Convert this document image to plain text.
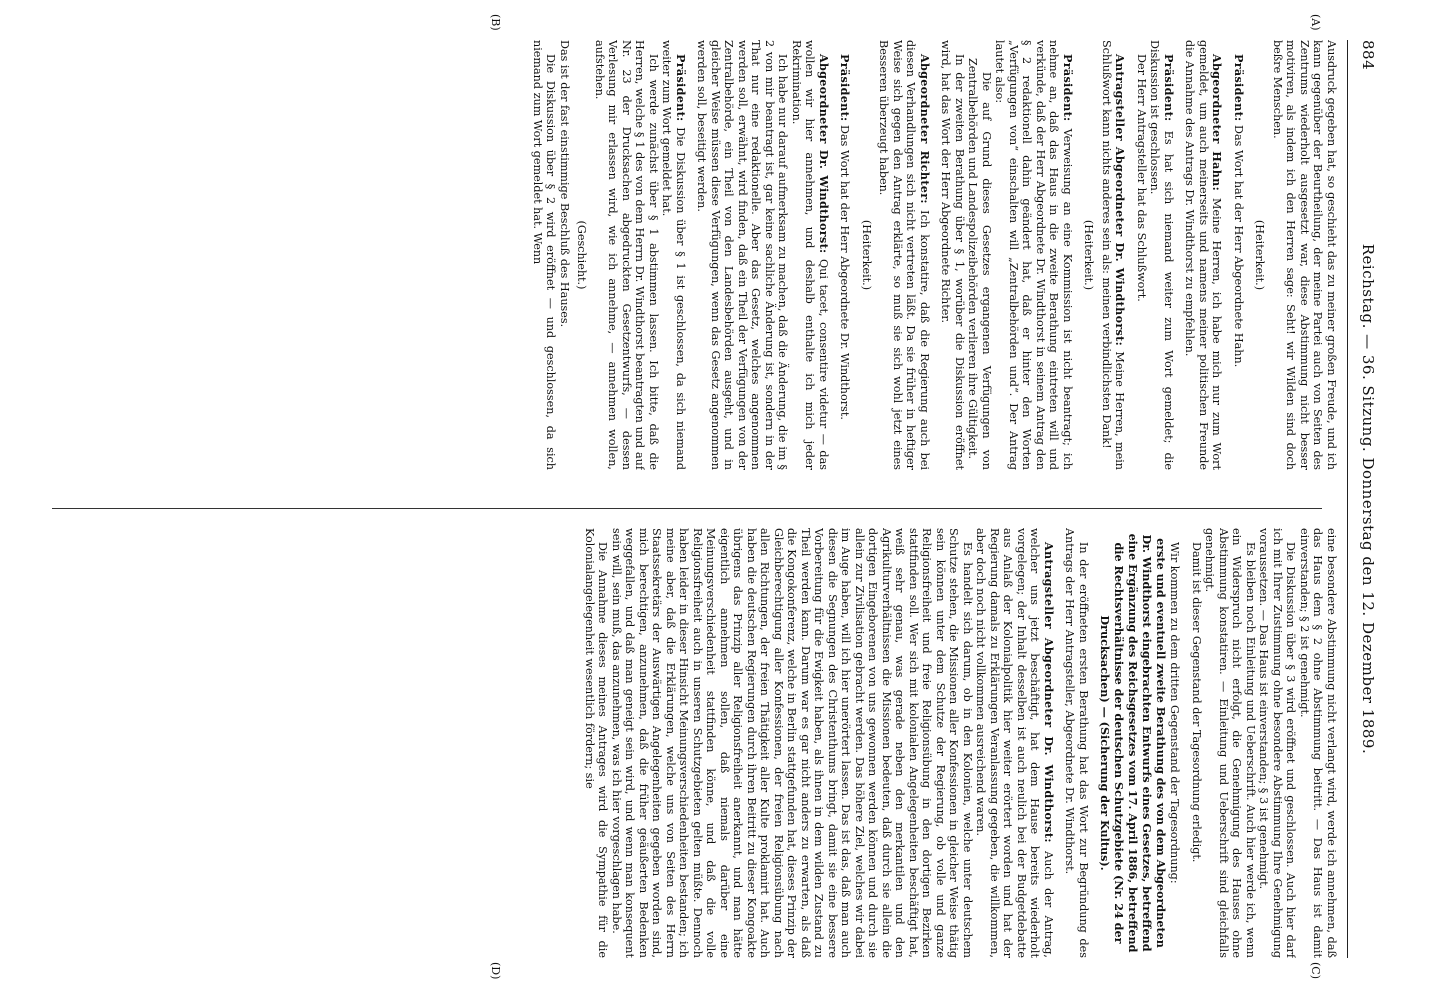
884
Reichstag. — 36. Sitzung. Donnerstag den 12. Dezember 1889.
(A)
(B)
(C)
(D)

Ausdruck gegeben hat, so geschieht das zu meiner großen Freude, und ich kann gegenüber der Beurtheilung, der meine Partei auch von Seiten des Zentrums wiederholt ausgesetzt war, diese Abstimmung nicht besser motiviren, als indem ich den Herren sage: Seht! wir Wilden sind doch beßre Menschen.

(Heiterkeit.)

Präsident: Das Wort hat der Herr Abgeordnete Hahn.

Abgeordneter Hahn: Meine Herren, ich habe mich nur zum Wort gemeldet, um auch meinerseits und namens meiner politischen Freunde die Annahme des Antrags Dr. Windthorst zu empfehlen.

Präsident: Es hat sich niemand weiter zum Wort gemeldet; die Diskussion ist geschlossen.

Der Herr Antragsteller hat das Schlußwort.

Antragsteller Abgeordneter Dr. Windthorst: Meine Herren, mein Schlußwort kann nichts anderes sein als: meinen verbindlichsten Dank!

(Heiterkeit.)

Präsident: Verweisung an eine Kommission ist nicht beantragt; ich nehme an, daß das Haus in die zweite Berathung eintreten will und verkünde, daß der Herr Abgeordnete Dr. Windthorst in seinem Antrag den § 2 redaktionell dahin geändert hat, daß er hinter den Worten „Verfügungen von“ einschalten will „Zentralbehörden und“. Der Antrag lautet also:

Die auf Grund dieses Gesetzes ergangenen Verfügungen von Zentralbehörden und Landespolizeibehörden verlieren ihre Gültigkeit.

In der zweiten Berathung über § 1, worüber die Diskussion eröffnet wird, hat das Wort der Herr Abgeordnete Richter.

Abgeordneter Richter: Ich konstatire, daß die Regierung auch bei diesen Verhandlungen sich nicht vertreten läßt. Da sie früher in heftiger Weise sich gegen den Antrag erklärte, so muß sie sich wohl jetzt eines Besseren überzeugt haben.

(Heiterkeit.)

Präsident: Das Wort hat der Herr Abgeordnete Dr. Windthorst.

Abgeordneter Dr. Windthorst: Qui tacet, consentire videtur — das wollen wir hier annehmen, und deshalb enthalte ich mich jeder Rekrimination.

Ich habe nur darauf aufmerksam zu machen, daß die Änderung, die im § 2 von mir beantragt ist, gar keine sachliche Änderung ist, sondern in der That nur eine redaktionelle. Aber das Gesetz, welches angenommen werden soll, erwähnt, wird finden, daß ein Theil der Verfügungen von der Zentralbehörde, ein Theil von den Landesbehörden ausgeht, und in gleicher Weise müssen diese Verfügungen, wenn das Gesetz angenommen werden soll, beseitigt werden.

Präsident: Die Diskussion über § 1 ist geschlossen, da sich niemand weiter zum Wort gemeldet hat.

Ich werde zunächst über § 1 abstimmen lassen. Ich bitte, daß die Herren, welche § 1 des von dem Herrn Dr. Windthorst beantragten und auf Nr. 23 der Drucksachen abgedruckten Gesetzentwurfs, — dessen Verlesung mir erlassen wird, wie ich annehme, — annehmen wollen, aufstehen.

(Geschieht.)

Das ist der fast einstimmige Beschluß des Hauses.

Die Diskussion über § 2 wird eröffnet — und geschlossen, da sich niemand zum Wort gemeldet hat. Wenn

eine besondere Abstimmung nicht verlangt wird, werde ich annehmen, daß das Haus dem § 2 ohne Abstimmung beitritt. — Das Haus ist damit einverstanden; § 2 ist genehmigt.

Die Diskussion über § 3 wird eröffnet und geschlossen. Auch hier darf ich mit Ihrer Zustimmung ohne besondere Abstimmung Ihre Genehmigung voraussetzen. — Das Haus ist einverstanden; § 3 ist genehmigt.

Es bleiben noch Einleitung und Ueberschrift. Auch hier werde ich, wenn ein Widerspruch nicht erfolgt, die Genehmigung des Hauses ohne Abstimmung konstatiren. — Einleitung und Ueberschrift sind gleichfalls genehmigt.

Damit ist dieser Gegenstand der Tagesordnung erledigt.

Wir kommen zu dem dritten Gegenstand der Tagesordnung:

erste und eventuell zweite Berathung des von dem Abgeordneten Dr. Windthorst eingebrachten Entwurfs eines Gesetzes, betreffend eine Ergänzung des Reichsgesetzes vom 17. April 1886, betreffend die Rechtsverhältnisse der deutschen Schutzgebiete (Nr. 24 der Drucksachen) — (Sicherung der Kultus).

In der eröffneten ersten Berathung hat das Wort zur Begründung des Antrags der Herr Antragsteller, Abgeordnete Dr. Windthorst.

Antragsteller Abgeordneter Dr. Windthorst: Auch der Antrag, welcher uns jetzt beschäftigt, hat dem Hause bereits wiederholt vorgelegen; der Inhalt desselben ist auch neulich bei der Budgetdebatte aus Anlaß der Kolonialpolitik hier weiter erörtert worden und hat der Regierung damals zu Erklärungen Veranlassung gegeben, die willkommen, aber doch noch nicht vollkommen ausreichend waren.

Es handelt sich darum, ob in den Kolonien, welche unter deutschem Schutze stehen, die Missionen aller Konfessionen in gleicher Weise thätig sein können unter dem Schutze der Regierung, ob volle und ganze Religionsfreiheit und freie Religionsübung in den dortigen Bezirken stattfinden soll. Wer sich mit kolonialen Angelegenheiten beschäftigt hat, weiß sehr genau, was gerade neben den merkantilen und den Agrikulturverhältnissen die Missionen bedeuten, daß durch sie allein die dortigen Eingeborenen von uns gewonnen werden können und durch sie allein zur Zivilisation gebracht werden. Das höhere Ziel, welches wir dabei im Auge haben, will ich hier unerörtert lassen. Das ist das, daß man auch diesen die Segnungen des Christenthums bringt, damit sie eine bessere Vorbereitung für die Ewigkeit haben, als ihnen in dem wilden Zustand zu Theil werden kann. Darum war es gar nicht anders zu erwarten, als daß die Kongokonferenz, welche in Berlin stattgefunden hat, dieses Prinzip der Gleichberechtigung aller Konfessionen, der freien Religionsübung nach allen Richtungen, der freien Thätigkeit aller Kulte proklamirt hat. Auch haben die deutschen Regierungen durch ihren Beitritt zu dieser Kongoakte übrigens das Prinzip aller Religionsfreiheit anerkannt, und man hätte eigentlich annehmen sollen, daß niemals darüber eine Meinungsverschiedenheit stattfinden könne, und daß die volle Religionsfreiheit auch in unseren Schutzgebieten gelten müßte. Dennoch haben leider in dieser Hinsicht Meinungsverschiedenheiten bestanden; ich meine aber, daß die Erklärungen, welche uns von Seiten des Herrn Staatssekretärs der Auswärtigen Angelegenheiten gegeben worden sind, mich berechtigen, anzunehmen, daß die früher geäußerten Bedenken weggefallen, und daß man geneigt sein wird, und wenn man konsequent sein will, sein muß, das anzunehmen, was ich hier vorgeschlagen habe.

Die Annahme dieses meines Antrages wird die Sympathie für die Kolonialangelegenheit wesentlich fördern; sie
